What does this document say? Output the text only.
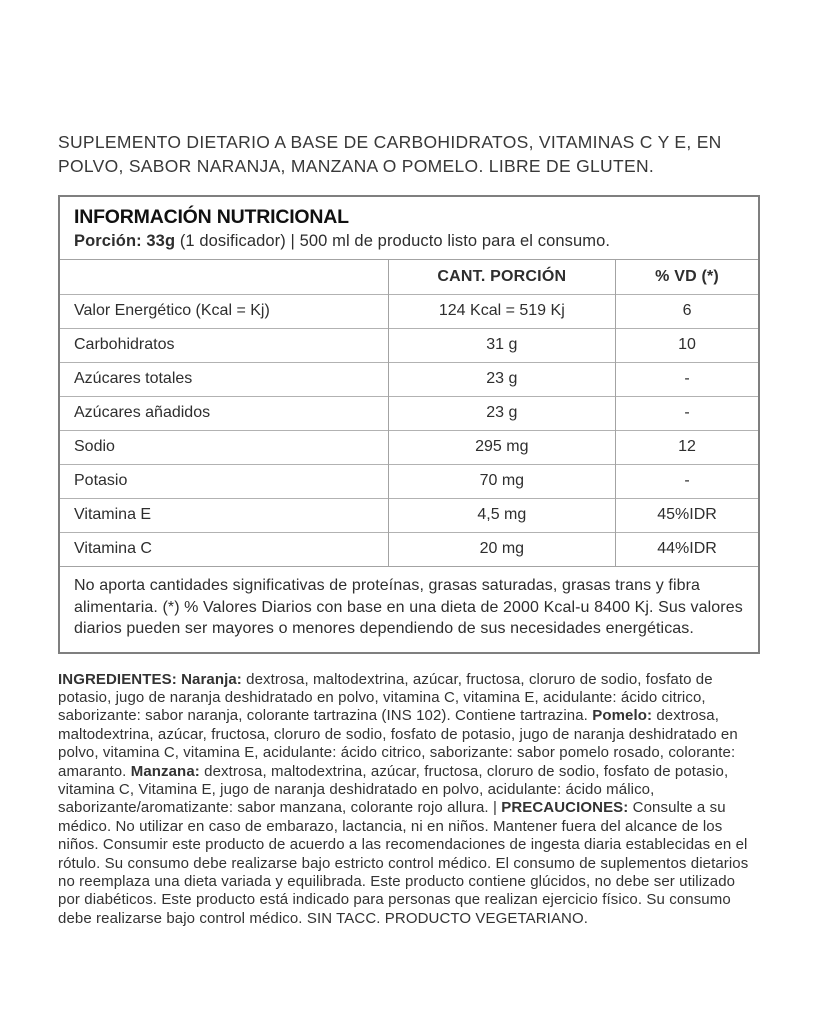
SUPLEMENTO DIETARIO A BASE DE CARBOHIDRATOS, VITAMINAS C Y E, EN POLVO, SABOR NARANJA, MANZANA O POMELO. LIBRE DE GLUTEN.

INFORMACIÓN NUTRICIONAL
Porción: 33g (1 dosificador) | 500 ml de producto listo para el consumo.
	CANT. PORCIÓN	% VD (*)
Valor Energético (Kcal = Kj)	124 Kcal = 519 Kj	6
Carbohidratos	31 g	10
Azúcares totales	23 g	-
Azúcares añadidos	23 g	-
Sodio	295 mg	12
Potasio	70 mg	-
Vitamina E	4,5 mg	45%IDR
Vitamina C	20 mg	44%IDR
No aporta cantidades significativas de proteínas, grasas saturadas, grasas trans y fibra alimentaria. (*) % Valores Diarios con base en una dieta de 2000 Kcal-u 8400 Kj. Sus valores diarios pueden ser mayores o menores dependiendo de sus necesidades energéticas.

INGREDIENTES: Naranja: dextrosa, maltodextrina, azúcar, fructosa, cloruro de sodio, fosfato de potasio, jugo de naranja deshidratado en polvo, vitamina C, vitamina E, acidulante: ácido citrico, saborizante: sabor naranja, colorante tartrazina (INS 102). Contiene tartrazina. Pomelo: dextrosa, maltodextrina, azúcar, fructosa, cloruro de sodio, fosfato de potasio, jugo de naranja deshidratado en polvo, vitamina C, vitamina E, acidulante: ácido citrico, saborizante: sabor pomelo rosado, colorante: amaranto. Manzana: dextrosa, maltodextrina, azúcar, fructosa, cloruro de sodio, fosfato de potasio, vitamina C, Vitamina E, jugo de naranja deshidratado en polvo, acidulante: ácido málico, saborizante/aromatizante: sabor manzana, colorante rojo allura. | PRECAUCIONES: Consulte a su médico. No utilizar en caso de embarazo, lactancia, ni en niños. Mantener fuera del alcance de los niños. Consumir este producto de acuerdo a las recomendaciones de ingesta diaria establecidas en el rótulo. Su consumo debe realizarse bajo estricto control médico. El consumo de suplementos dietarios no reemplaza una dieta variada y equilibrada. Este producto contiene glúcidos, no debe ser utilizado por diabéticos. Este producto está indicado para personas que realizan ejercicio físico. Su consumo debe realizarse bajo control médico. SIN TACC. PRODUCTO VEGETARIANO.
